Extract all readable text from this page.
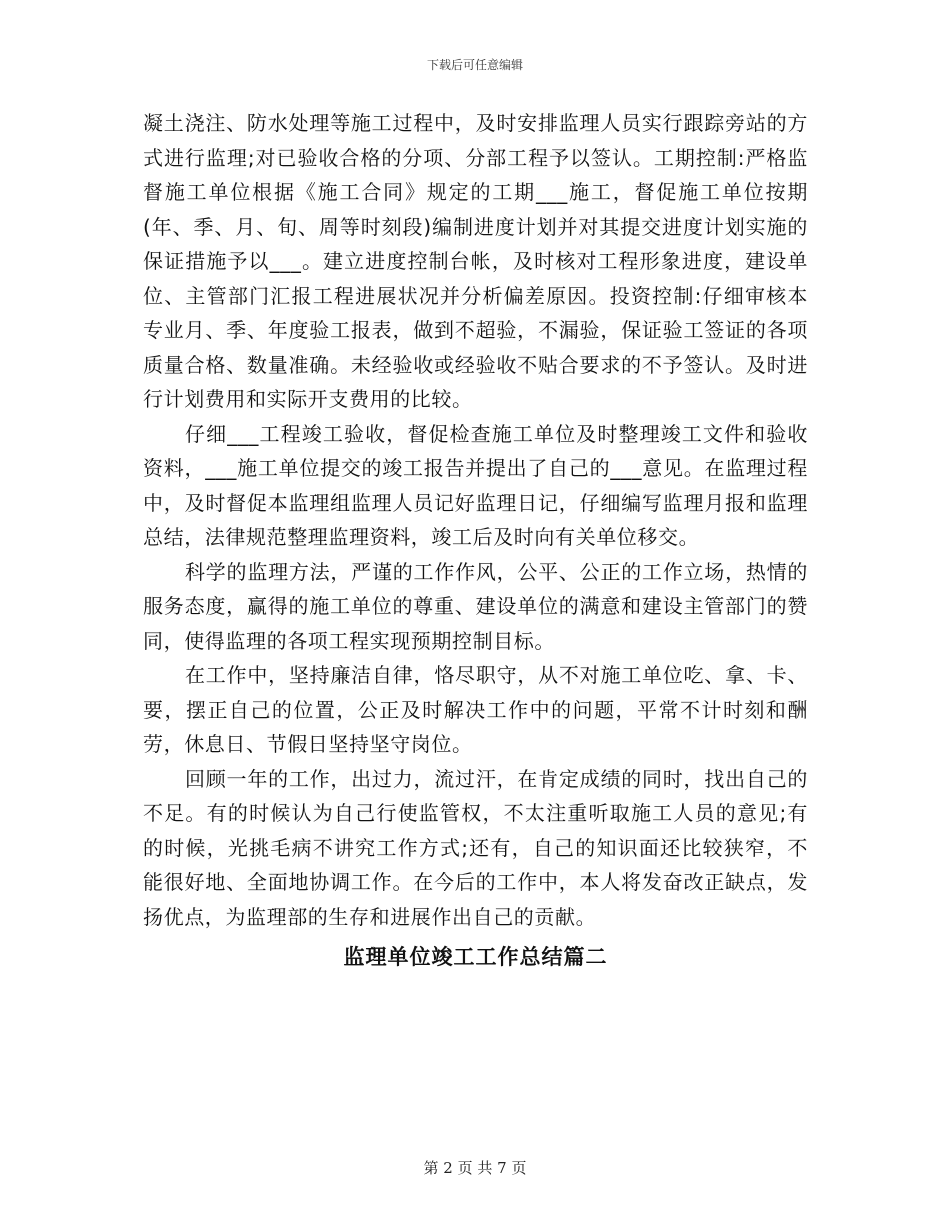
下载后可任意编辑

凝土浇注、防水处理等施工过程中，及时安排监理人员实行跟踪旁站的方式进行监理;对已验收合格的分项、分部工程予以签认。工期控制:严格监督施工单位根据《施工合同》规定的工期___施工，督促施工单位按期(年、季、月、旬、周等时刻段)编制进度计划并对其提交进度计划实施的保证措施予以___。建立进度控制台帐，及时核对工程形象进度，建设单位、主管部门汇报工程进展状况并分析偏差原因。投资控制:仔细审核本专业月、季、年度验工报表，做到不超验，不漏验，保证验工签证的各项质量合格、数量准确。未经验收或经验收不贴合要求的不予签认。及时进行计划费用和实际开支费用的比较。

仔细___工程竣工验收，督促检查施工单位及时整理竣工文件和验收资料，___施工单位提交的竣工报告并提出了自己的___意见。在监理过程中，及时督促本监理组监理人员记好监理日记，仔细编写监理月报和监理总结，法律规范整理监理资料，竣工后及时向有关单位移交。

科学的监理方法，严谨的工作作风，公平、公正的工作立场，热情的服务态度，赢得的施工单位的尊重、建设单位的满意和建设主管部门的赞同，使得监理的各项工程实现预期控制目标。

在工作中，坚持廉洁自律，恪尽职守，从不对施工单位吃、拿、卡、要，摆正自己的位置，公正及时解决工作中的问题，平常不计时刻和酬劳，休息日、节假日坚持坚守岗位。

回顾一年的工作，出过力，流过汗，在肯定成绩的同时，找出自己的不足。有的时候认为自己行使监管权，不太注重听取施工人员的意见;有的时候，光挑毛病不讲究工作方式;还有，自己的知识面还比较狭窄，不能很好地、全面地协调工作。在今后的工作中，本人将发奋改正缺点，发扬优点，为监理部的生存和进展作出自己的贡献。

监理单位竣工工作总结篇二
第 2 页 共 7 页
